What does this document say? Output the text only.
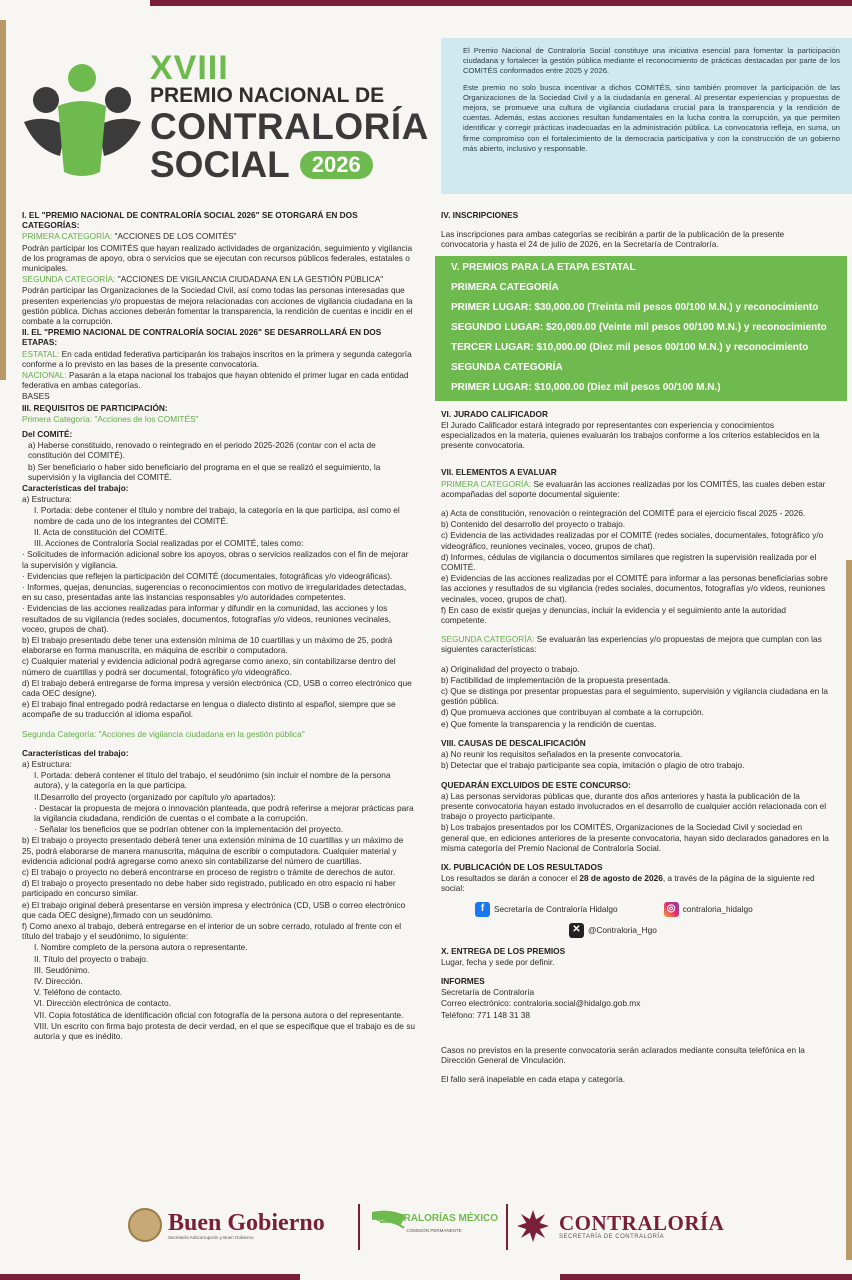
XVIII
PREMIO NACIONAL DE
CONTRALORÍA
SOCIAL	2026

El Premio Nacional de Contraloría Social constituye una iniciativa esencial para fomentar la participación ciudadana y fortalecer la gestión pública mediante el reconocimiento de prácticas destacadas por parte de los COMITÉS conformados entre 2025 y 2026.

Este premio no solo busca incentivar a dichos COMITÉS, sino también promover la participación de las Organizaciones de la Sociedad Civil y a la ciudadanía en general. Al presentar experiencias y propuestas de mejora, se promueve una cultura de vigilancia ciudadana crucial para la transparencia y la rendición de cuentas. Además, estas acciones resultan fundamentales en la lucha contra la corrupción, ya que permiten identificar y corregir prácticas inadecuadas en la administración pública. La convocatoria refleja, en suma, un firme compromiso con el fortalecimiento de la democracia participativa y con la construcción de un gobierno más abierto, inclusivo y responsable.

I. EL "PREMIO NACIONAL DE CONTRALORÍA SOCIAL 2026" SE OTORGARÁ EN DOS CATEGORÍAS:

PRIMERA CATEGORÍA: "ACCIONES DE LOS COMITÉS"

Podrán participar los COMITÉS que hayan realizado actividades de organización, seguimiento y vigilancia de los programas de apoyo, obra o servicios que se ejecutan con recursos públicos federales, estatales o municipales.

SEGUNDA CATEGORÍA: "ACCIONES DE VIGILANCIA CIUDADANA EN LA GESTIÓN PÚBLICA"

Podrán participar las Organizaciones de la Sociedad Civil, así como todas las personas interesadas que presenten experiencias y/o propuestas de mejora relacionadas con acciones de vigilancia ciudadana en la gestión pública. Dichas acciones deberán fomentar la transparencia, la rendición de cuentas e incidir en el combate a la corrupción.

II. EL "PREMIO NACIONAL DE CONTRALORÍA SOCIAL 2026" SE DESARROLLARÁ EN DOS ETAPAS:

ESTATAL: En cada entidad federativa participarán los trabajos inscritos en la primera y segunda categoría conforme a lo previsto en las bases de la presente convocatoria.

NACIONAL: Pasarán a la etapa nacional los trabajos que hayan obtenido el primer lugar en cada entidad federativa en ambas categorías.

BASES

III. REQUISITOS DE PARTICIPACIÓN:

Primera Categoría: "Acciones de los COMITÉS"

Del COMITÉ:

a) Haberse constituido, renovado o reintegrado en el periodo 2025-2026 (contar con el acta de constitución del COMITÉ).

b) Ser beneficiario o haber sido beneficiario del programa en el que se realizó el seguimiento, la supervisión y la vigilancia del COMITÉ.

Características del trabajo:

a) Estructura:

I. Portada: debe contener el título y nombre del trabajo, la categoría en la que participa, así como el nombre de cada uno de los integrantes del COMITÉ.

II. Acta de constitución del COMITÉ.

III. Acciones de Contraloría Social realizadas por el COMITÉ, tales como:

· Solicitudes de información adicional sobre los apoyos, obras o servicios realizados con el fin de mejorar la supervisión y vigilancia.

· Evidencias que reflejen la participación del COMITÉ (documentales, fotográficas y/o videográficas).

· Informes, quejas, denuncias, sugerencias o reconocimientos con motivo de irregularidades detectadas, en su caso, presentadas ante las instancias responsables y/o autoridades competentes.

· Evidencias de las acciones realizadas para informar y difundir en la comunidad, las acciones y los resultados de su vigilancia (redes sociales, documentos, fotografías y/o videos, reuniones vecinales, voceo, grupos de chat).

b) El trabajo presentado debe tener una extensión mínima de 10 cuartillas y un máximo de 25, podrá elaborarse en forma manuscrita, en máquina de escribir o computadora.

c) Cualquier material y evidencia adicional podrá agregarse como anexo, sin contabilizarse dentro del número de cuartillas y podrá ser documental, fotográfico y/o videográfico.

d) El trabajo deberá entregarse de forma impresa y versión electrónica (CD, USB o correo electrónico que cada OEC designe).

e) El trabajo final entregado podrá redactarse en lengua o dialecto distinto al español, siempre que se acompañe de su traducción al idioma español.

Segunda Categoría: "Acciones de vigilancia ciudadana en la gestión pública"

Características del trabajo:

a) Estructura:

I. Portada: deberá contener el título del trabajo, el seudónimo (sin incluir el nombre de la persona autora), y la categoría en la que participa.

II.Desarrollo del proyecto (organizado por capítulo y/o apartados):

· Destacar la propuesta de mejora o innovación planteada, que podrá referirse a mejorar prácticas para la vigilancia ciudadana, rendición de cuentas o el combate a la corrupción.

· Señalar los beneficios que se podrían obtener con la implementación del proyecto.

b) El trabajo o proyecto presentado deberá tener una extensión mínima de 10 cuartillas y un máximo de 25, podrá elaborarse de manera manuscrita, máquina de escribir o computadora. Cualquier material y evidencia adicional podrá agregarse como anexo sin contabilizarse del número de cuartillas.

c) El trabajo o proyecto no deberá encontrarse en proceso de registro o trámite de derechos de autor.

d) El trabajo o proyecto presentado no debe haber sido registrado, publicado en otro espacio ni haber participado en concurso similar.

e) El trabajo original deberá presentarse en versión impresa y electrónica (CD, USB o correo electrónico que cada OEC designe),firmado con un seudónimo.

f) Como anexo al trabajo, deberá entregarse en el interior de un sobre cerrado, rotulado al frente con el título del trabajo y el seudónimo, lo siguiente:

I. Nombre completo de la persona autora o representante.

II. Título del proyecto o trabajo.

III. Seudónimo.

IV. Dirección.

V. Teléfono de contacto.

VI. Dirección electrónica de contacto.

VII. Copia fotostática de identificación oficial con fotografía de la persona autora o del representante.

VIII. Un escrito con firma bajo protesta de decir verdad, en el que se especifique que el trabajo es de su autoría y que es inédito.

IV. INSCRIPCIONES

Las inscripciones para ambas categorías se recibirán a partir de la publicación de la presente convocatoria y hasta el 24 de julio de 2026, en la Secretaría de Contraloría.

V. PREMIOS PARA LA ETAPA ESTATAL

PRIMERA CATEGORÍA

PRIMER LUGAR: $30,000.00 (Treinta mil pesos 00/100 M.N.) y reconocimiento

SEGUNDO LUGAR: $20,000.00 (Veinte mil pesos 00/100 M.N.) y reconocimiento

TERCER LUGAR: $10,000.00 (Diez mil pesos 00/100 M.N.) y reconocimiento

SEGUNDA CATEGORÍA

PRIMER LUGAR: $10,000.00 (Diez mil pesos 00/100 M.N.)

VI. JURADO CALIFICADOR

El Jurado Calificador estará integrado por representantes con experiencia y conocimientos especializados en la materia, quienes evaluarán los trabajos conforme a los criterios establecidos en la presente convocatoria.

VII. ELEMENTOS A EVALUAR

PRIMERA CATEGORÍA: Se evaluarán las acciones realizadas por los COMITÉS, las cuales deben estar acompañadas del soporte documental siguiente:

a) Acta de constitución, renovación o reintegración del COMITÉ para el ejercicio fiscal 2025 - 2026.

b) Contenido del desarrollo del proyecto o trabajo.

c) Evidencia de las actividades realizadas por el COMITÉ (redes sociales, documentales, fotográfico y/o videográfico, reuniones vecinales, voceo, grupos de chat).

d) Informes, cédulas de vigilancia o documentos similares que registren la supervisión realizada por el COMITÉ.

e) Evidencias de las acciones realizadas por el COMITÉ para informar a las personas beneficiarias sobre las acciones y resultados de su vigilancia (redes sociales, documentos, fotografías y/o videos, reuniones vecinales, voceo, grupos de chat).

f) En caso de existir quejas y denuncias, incluir la evidencia y el seguimiento ante la autoridad competente.

SEGUNDA CATEGORÍA: Se evaluarán las experiencias y/o propuestas de mejora que cumplan con las siguientes características:

a) Originalidad del proyecto o trabajo.

b) Factibilidad de implementación de la propuesta presentada.

c) Que se distinga por presentar propuestas para el seguimiento, supervisión y vigilancia ciudadana en la gestión pública.

d) Que promueva acciones que contribuyan al combate a la corrupción.

e) Que fomente la transparencia y la rendición de cuentas.

VIII. CAUSAS DE DESCALIFICACIÓN

a) No reunir los requisitos señalados en la presente convocatoria.

b) Detectar que el trabajo participante sea copia, imitación o plagio de otro trabajo.

QUEDARÁN EXCLUIDOS DE ESTE CONCURSO:

a) Las personas servidoras públicas que, durante dos años anteriores y hasta la publicación de la presente convocatoria hayan estado involucrados en el desarrollo de cualquier acción relacionada con el trabajo o proyecto participante.

b) Los trabajos presentados por los COMITÉS, Organizaciones de la Sociedad Civil y sociedad en general que, en ediciones anteriores de la presente convocatoria, hayan sido declarados ganadores en la misma categoría del Premio Nacional de Contraloría Social.

IX. PUBLICACIÓN DE LOS RESULTADOS

Los resultados se darán a conocer el 28 de agosto de 2026, a través de la página de la siguiente red social:

f	Secretaría de Contraloría Hidalgo	◎ contraloria_hidalgo
✕ @Contraloria_Hgo

X. ENTREGA DE LOS PREMIOS

Lugar, fecha y sede por definir.

INFORMES

Secretaría de Contraloría

Correo electrónico: contraloria.social@hidalgo.gob.mx

Teléfono: 771 148 31 38

Casos no previstos en la presente convocatoria serán aclarados mediante consulta telefónica en la Dirección General de Vinculación.

El fallo será inapelable en cada etapa y categoría.

Buen Gobierno
Secretaría Anticorrupción y Buen Gobierno
CONTRALORÍAS MÉXICO
COMISIÓN PERMANENTE	CONTRALORÍA
SECRETARÍA DE CONTRALORÍA
